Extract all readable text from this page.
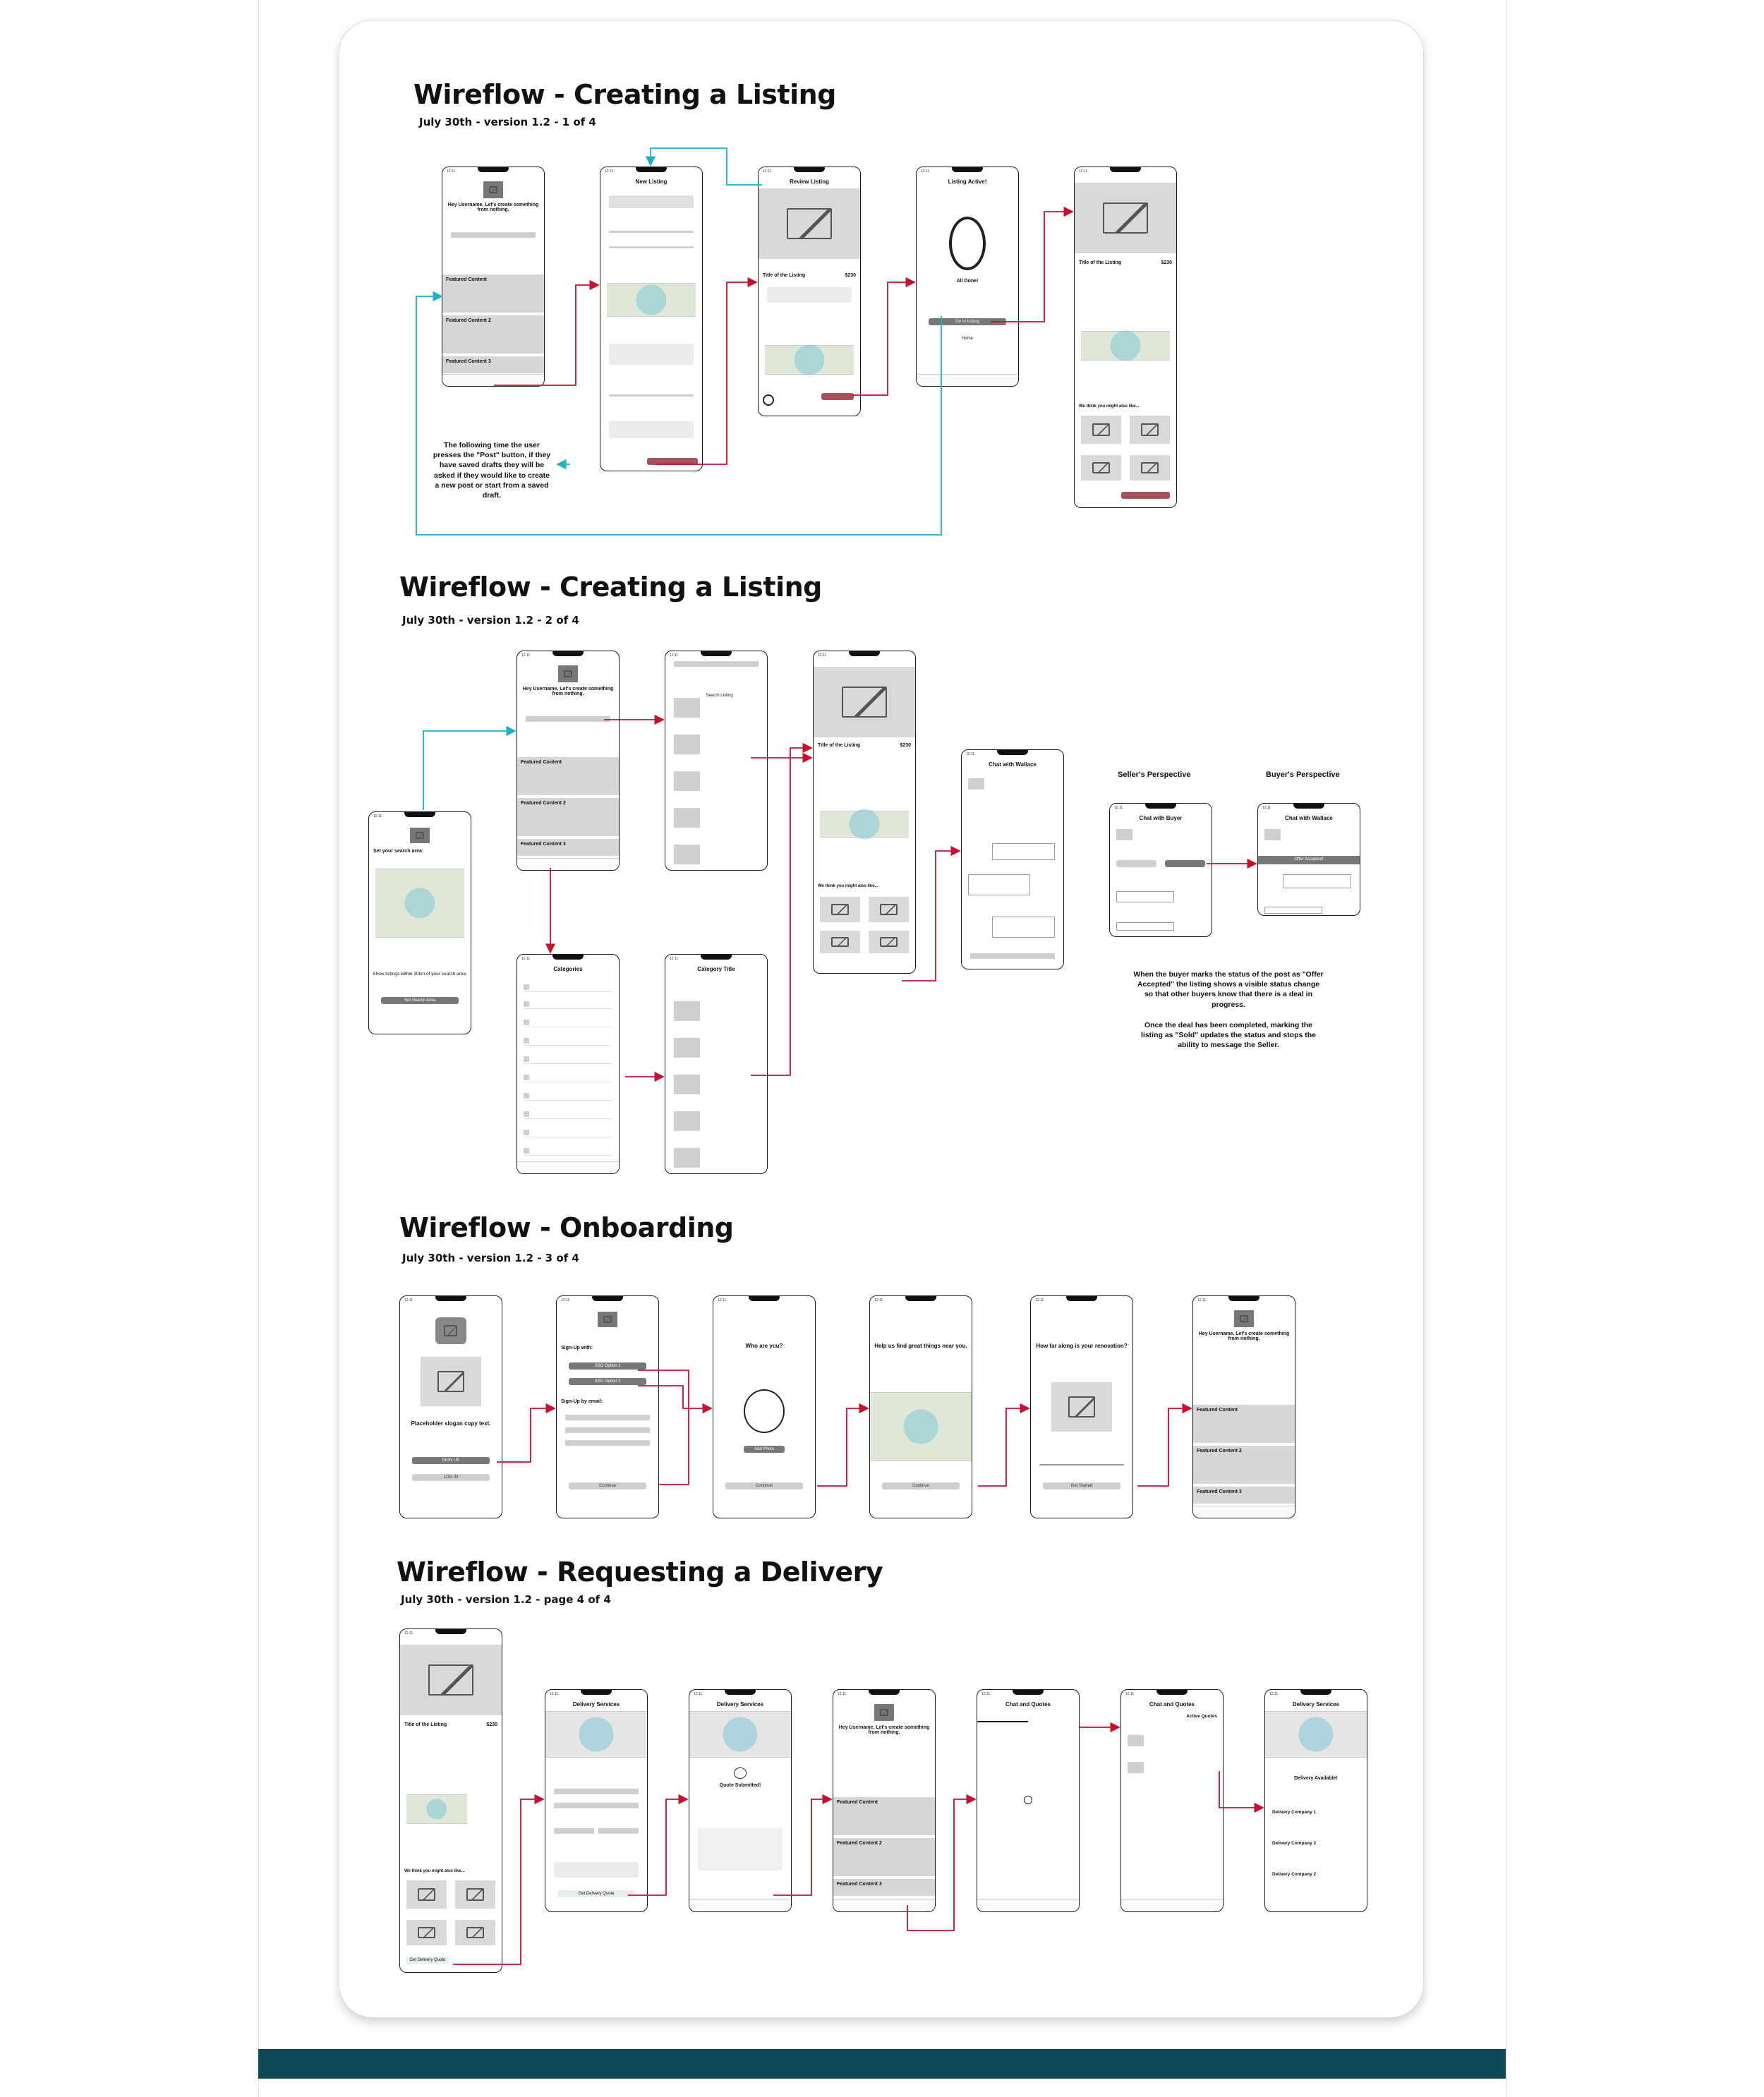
Wireflow - Creating a Listing
July 30th - version 1.2 - 1 of 4
Wireflow - Creating a Listing
July 30th - version 1.2 - 2 of 4
Wireflow - Onboarding
July 30th - version 1.2 - 3 of 4
Wireflow - Requesting a Delivery
July 30th - version 1.2 - page 4 of 4
The following time the user presses the "Post" button, if they have saved drafts they will be asked if they would like to create a new post or start from a saved draft.
When the buyer marks the status of the post as "Offer Accepted" the listing shows a visible status change so that other buyers know that there is a deal in progress.
Once the deal has been completed, marking the listing as "Sold" updates the status and stops the ability to message the Seller.
Seller's Perspective	Buyer's Perspective
12:11
Hey Username, Let's create something from nothing.
Featured Content
Featured Content 2
Featured Content 3
12:11
New Listing
12:11
Review Listing
Title of the Listing	$230
12:11
Listing Active!
All Done!
Go to Listing
Home
12:11
Title of the Listing	$230
We think you might also like...
12:11
Set your search area:
Show listings within 30km of your search area.
Set Search Area
12:11
Hey Username, Let's create something from nothing.
Featured Content
Featured Content 2
Featured Content 3
12:11
Search Listing
12:11
Title of the Listing	$230
We think you might also like...
12:11
Chat with Wallace
12:11
Chat with Buyer
12:11
Chat with Wallace
Offer Accepted!
12:11
Categories
12:11
Category Title
12:11
Placeholder slogan copy text.
SIGN UP
LOG IN
12:11
Sign-Up with:
SSO Option 1
SSO Option 2
Sign-Up by email:
Continue
12:11
Who are you?
Add Photo
Continue
12:11
Help us find great things near you.
Continue
12:11
How far along is your renovation?
Get Started
12:11
Hey Username, Let's create something from nothing.
Featured Content
Featured Content 2
Featured Content 3
12:11
Title of the Listing	$230
We think you might also like...
Get Delivery Quote
12:11
Delivery Services
Get Delivery Quote
12:11
Delivery Services
Quote Submitted!
12:11
Hey Username, Let's create something from nothing.
Featured Content
Featured Content 2
Featured Content 3
12:11
Chat and Quotes
12:11
Chat and Quotes
Active Quotes
12:11
Delivery Services
Delivery Available!
Delivery Company 1
Delivery Company 2
Delivery Company 2
